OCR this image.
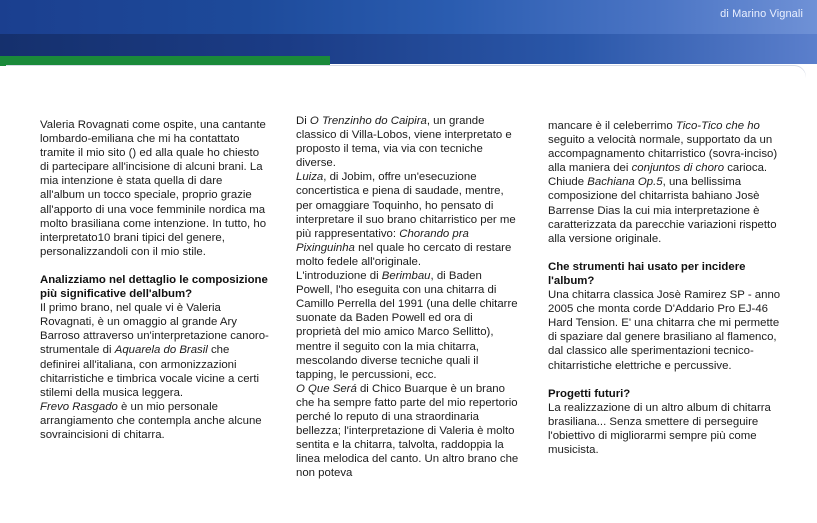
di Marino Vignali

Valeria Rovagnati come ospite, una cantante lombardo-emiliana che mi ha contattato tramite il mio sito () ed alla quale ho chiesto di partecipare all'incisione di alcuni brani. La mia intenzione è stata quella di dare all'album un tocco speciale, proprio grazie all'apporto di una voce femminile nordica ma molto brasiliana come intenzione. In tutto, ho interpretato10 brani tipici del genere, personalizzandoli con il mio stile.

Analizziamo nel dettaglio le composizione più significative dell'album?

Il primo brano, nel quale vi è Valeria Rovagnati, è un omaggio al grande Ary Barroso attraverso un'interpretazione canoro-strumentale di Aquarela do Brasil che definirei all'italiana, con armonizzazioni chitarristiche e timbrica vocale vicine a certi stilemi della musica leggera.

Frevo Rasgado è un mio personale arrangiamento che contempla anche alcune sovraincisioni di chitarra.

Di O Trenzinho do Caipira, un grande classico di Villa-Lobos, viene interpretato e proposto il tema, via via con tecniche diverse.

Luiza, di Jobim, offre un'esecuzione concertistica e piena di saudade, mentre, per omaggiare Toquinho, ho pensato di interpretare il suo brano chitarristico per me più rappresentativo: Chorando pra Pixinguinha nel quale ho cercato di restare molto fedele all'originale.

L'introduzione di Berimbau, di Baden Powell, l'ho eseguita con una chitarra di Camillo Perrella del 1991 (una delle chitarre suonate da Baden Powell ed ora di proprietà del mio amico Marco Sellitto), mentre il seguito con la mia chitarra, mescolando diverse tecniche quali il tapping, le percussioni, ecc.

O Que Será di Chico Buarque è un brano che ha sempre fatto parte del mio repertorio perché lo reputo di una straordinaria bellezza; l'interpretazione di Valeria è molto sentita e la chitarra, talvolta, raddoppia la linea melodica del canto. Un altro brano che non poteva

mancare è il celeberrimo Tico-Tico che ho seguito a velocità normale, supportato da un accompagnamento chitarristico (sovra-inciso) alla maniera dei conjuntos di choro carioca. Chiude Bachiana Op.5, una bellissima composizione del chitarrista bahiano Josè Barrense Dias la cui mia interpretazione è caratterizzata da parecchie variazioni rispetto alla versione originale.

Che strumenti hai usato per incidere l'album?

Una chitarra classica Josè Ramirez SP - anno 2005 che monta corde D'Addario Pro EJ-46 Hard Tension. E' una chitarra che mi permette di spaziare dal genere brasiliano al flamenco, dal classico alle sperimentazioni tecnico-chitarristiche elettriche e percussive.

Progetti futuri?

La realizzazione di un altro album di chitarra brasiliana... Senza smettere di perseguire l'obiettivo di migliorarmi sempre più come musicista.
